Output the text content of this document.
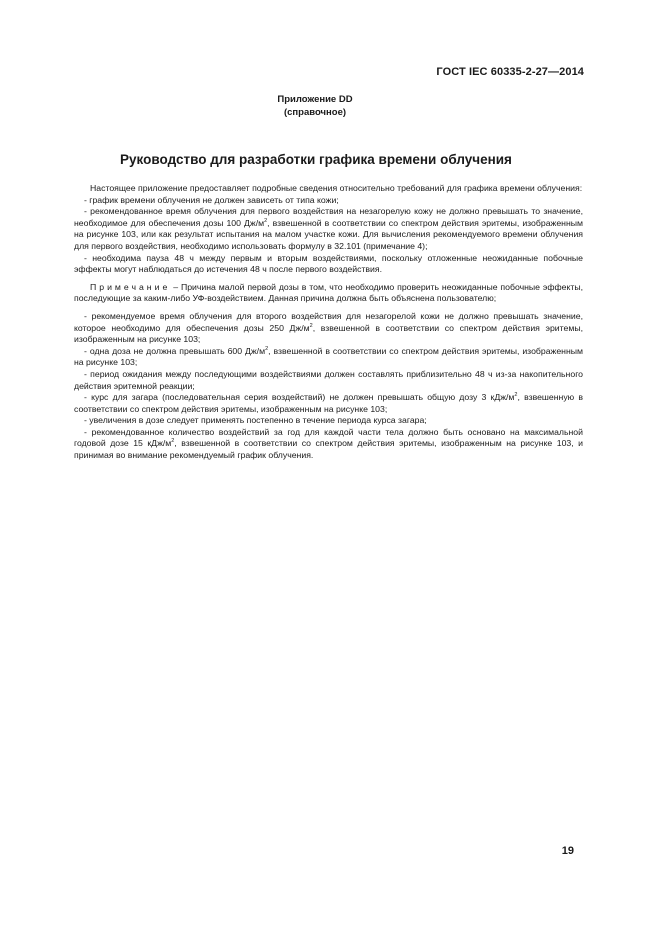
ГОСТ IEC 60335-2-27—2014
Приложение DD
(справочное)
Руководство для разработки графика времени облучения

Настоящее приложение предоставляет подробные сведения относительно требований для графика времени облучения:

- график времени облучения не должен зависеть от типа кожи;

- рекомендованное время облучения для первого воздействия на незагорелую кожу не должно превышать то значение, необходимое для обеспечения дозы 100 $Дж/м^2$, взвешенной в соответствии со спектром действия эритемы, изображенным на рисунке 103, или как результат испытания на малом участке кожи. Для вычисления рекомендуемого времени облучения для первого воздействия, необходимо использовать формулу в 32.101 (примечание 4);

- необходима пауза 48 ч между первым и вторым воздействиями, поскольку отложенные неожиданные побочные эффекты могут наблюдаться до истечения 48 ч после первого воздействия.

Примечание – Причина малой первой дозы в том, что необходимо проверить неожиданные побочные эффекты, последующие за каким-либо УФ-воздействием. Данная причина должна быть объяснена пользователю;

- рекомендуемое время облучения для второго воздействия для незагорелой кожи не должно превышать значение, которое необходимо для обеспечения дозы 250 $Дж/м^2$, взвешенной в соответствии со спектром действия эритемы, изображенным на рисунке 103;

- одна доза не должна превышать 600 $Дж/м^2$, взвешенной в соответствии со спектром действия эритемы, изображенным на рисунке 103;

- период ожидания между последующими воздействиями должен составлять приблизительно 48 ч из-за накопительного действия эритемной реакции;

- курс для загара (последовательная серия воздействий) не должен превышать общую дозу 3 кДж/$м^2$, взвешенную в соответствии со спектром действия эритемы, изображенным на рисунке 103;

- увеличения в дозе следует применять постепенно в течение периода курса загара;

- рекомендованное количество воздействий за год для каждой части тела должно быть основано на максимальной годовой дозе 15 кДж/$м^2$, взвешенной в соответствии со спектром действия эритемы, изображенным на рисунке 103, и принимая во внимание рекомендуемый график облучения.

19
